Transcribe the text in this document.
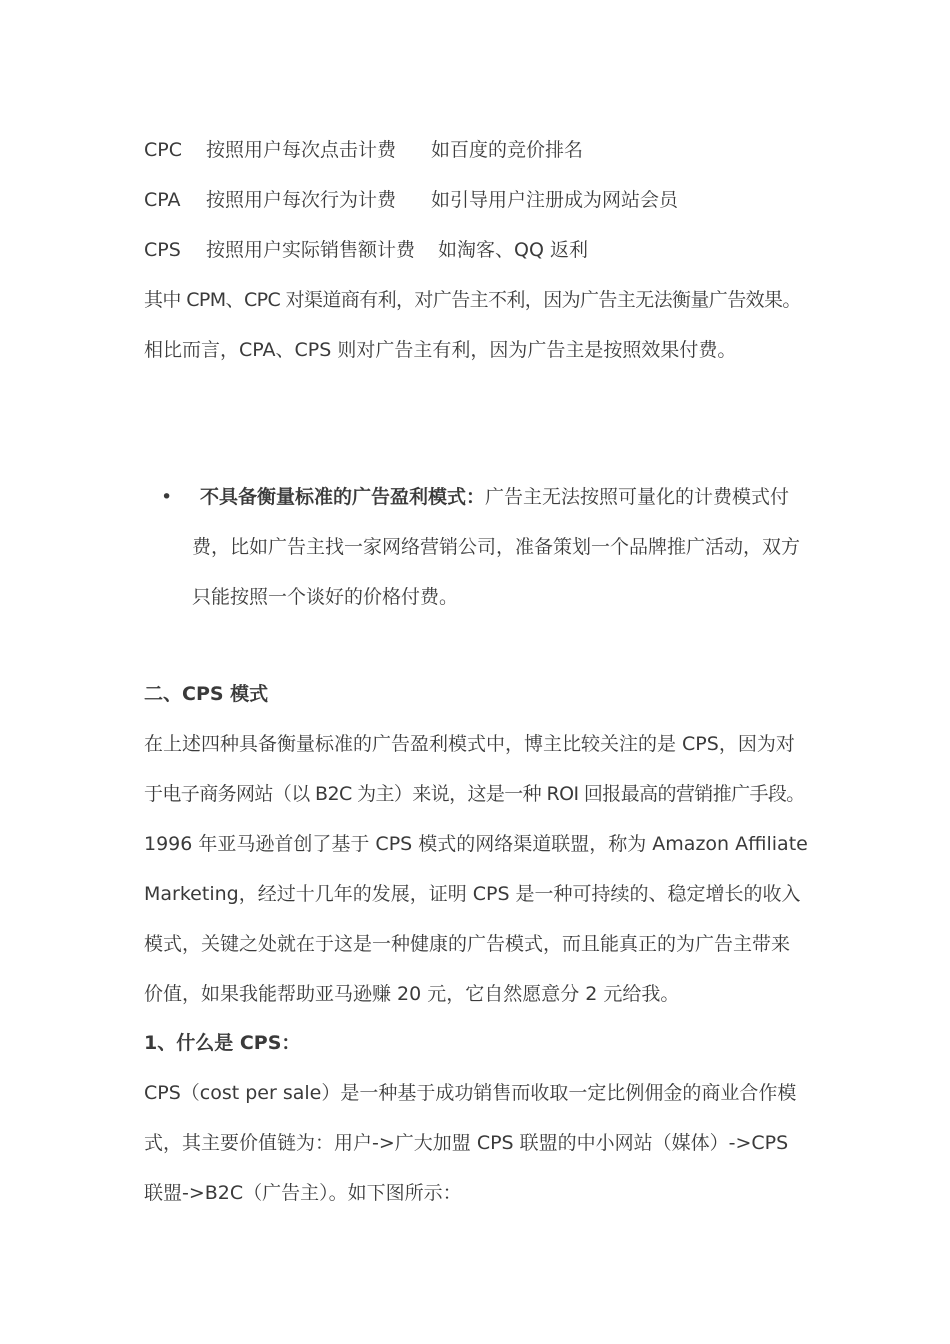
CPC 按照用户每次点击计费 如百度的竞价排名
CPA 按照用户每次行为计费 如引导用户注册成为网站会员
CPS 按照用户实际销售额计费 如淘客、QQ 返利
其中 CPM、CPC 对渠道商有利，对广告主不利，因为广告主无法衡量广告效果。
相比而言，CPA、CPS 则对广告主有利，因为广告主是按照效果付费。
• 不具备衡量标准的广告盈利模式：广告主无法按照可量化的计费模式付
费，比如广告主找一家网络营销公司，准备策划一个品牌推广活动，双方
只能按照一个谈好的价格付费。
二、CPS 模式
在上述四种具备衡量标准的广告盈利模式中，博主比较关注的是 CPS，因为对
于电子商务网站（以 B2C 为主）来说，这是一种 ROI 回报最高的营销推广手段。
1996 年亚马逊首创了基于 CPS 模式的网络渠道联盟，称为 Amazon Affiliate
Marketing，经过十几年的发展，证明 CPS 是一种可持续的、稳定增长的收入
模式，关键之处就在于这是一种健康的广告模式，而且能真正的为广告主带来
价值，如果我能帮助亚马逊赚 20 元，它自然愿意分 2 元给我。
1、什么是 CPS：
CPS（cost per sale）是一种基于成功销售而收取一定比例佣金的商业合作模
式，其主要价值链为：用户->广大加盟 CPS 联盟的中小网站（媒体）->CPS
联盟->B2C（广告主）。如下图所示：
